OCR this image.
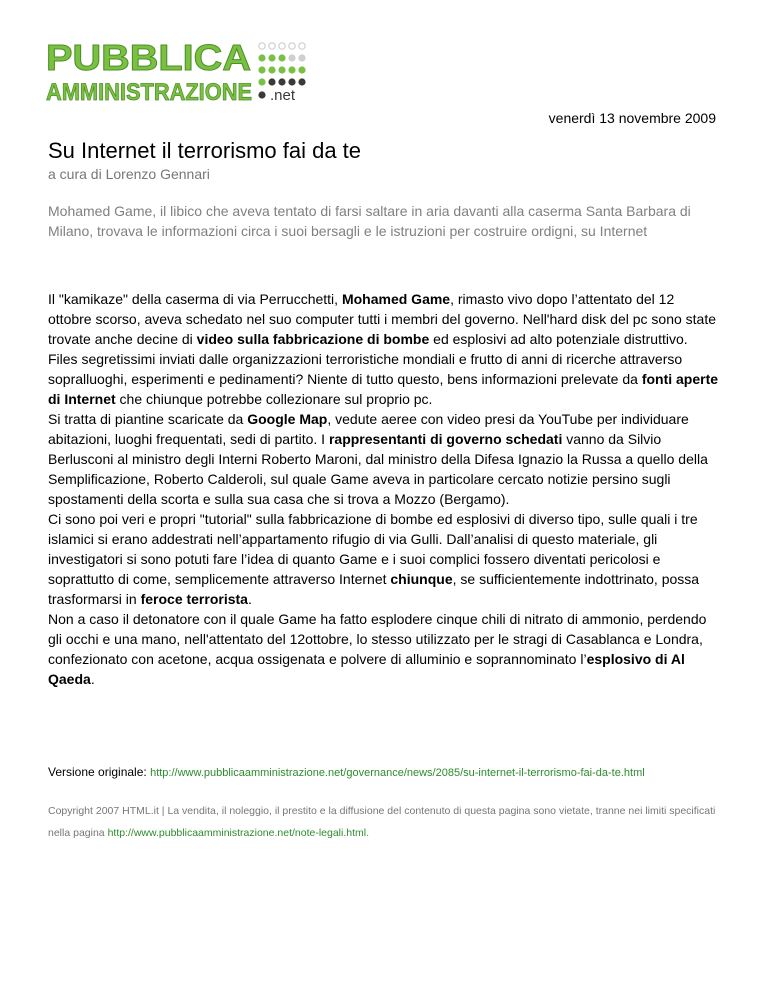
PUBBLICA
AMMINISTRAZIONE .net
venerdì 13 novembre 2009
Su Internet il terrorismo fai da te
a cura di Lorenzo Gennari

Mohamed Game, il libico che aveva tentato di farsi saltare in aria davanti alla caserma Santa Barbara di Milano, trovava le informazioni circa i suoi bersagli e le istruzioni per costruire ordigni, su Internet

Il "kamikaze" della caserma di via Perrucchetti, Mohamed Game, rimasto vivo dopo l’attentato del 12 ottobre scorso, aveva schedato nel suo computer tutti i membri del governo. Nell'hard disk del pc sono state trovate anche decine di video sulla fabbricazione di bombe ed esplosivi ad alto potenziale distruttivo.
Files segretissimi inviati dalle organizzazioni terroristiche mondiali e frutto di anni di ricerche attraverso sopralluoghi, esperimenti e pedinamenti? Niente di tutto questo, bens informazioni prelevate da fonti aperte di Internet che chiunque potrebbe collezionare sul proprio pc.
Si tratta di piantine scaricate da Google Map, vedute aeree con video presi da YouTube per individuare abitazioni, luoghi frequentati, sedi di partito. I rappresentanti di governo schedati vanno da Silvio Berlusconi al ministro degli Interni Roberto Maroni, dal ministro della Difesa Ignazio la Russa a quello della Semplificazione, Roberto Calderoli, sul quale Game aveva in particolare cercato notizie persino sugli spostamenti della scorta e sulla sua casa che si trova a Mozzo (Bergamo).
Ci sono poi veri e propri "tutorial" sulla fabbricazione di bombe ed esplosivi di diverso tipo, sulle quali i tre islamici si erano addestrati nell’appartamento rifugio di via Gulli. Dall’analisi di questo materiale, gli investigatori si sono potuti fare l’idea di quanto Game e i suoi complici fossero diventati pericolosi e soprattutto di come, semplicemente attraverso Internet chiunque, se sufficientemente indottrinato, possa trasformarsi in feroce terrorista.
Non a caso il detonatore con il quale Game ha fatto esplodere cinque chili di nitrato di ammonio, perdendo gli occhi e una mano, nell'attentato del 12ottobre, lo stesso utilizzato per le stragi di Casablanca e Londra, confezionato con acetone, acqua ossigenata e polvere di alluminio e soprannominato l’esplosivo di Al Qaeda.
Versione originale: http://www.pubblicaamministrazione.net/governance/news/2085/su-internet-il-terrorismo-fai-da-te.html
Copyright 2007 HTML.it | La vendita, il noleggio, il prestito e la diffusione del contenuto di questa pagina sono vietate, tranne nei limiti specificati nella pagina http://www.pubblicaamministrazione.net/note-legali.html.
